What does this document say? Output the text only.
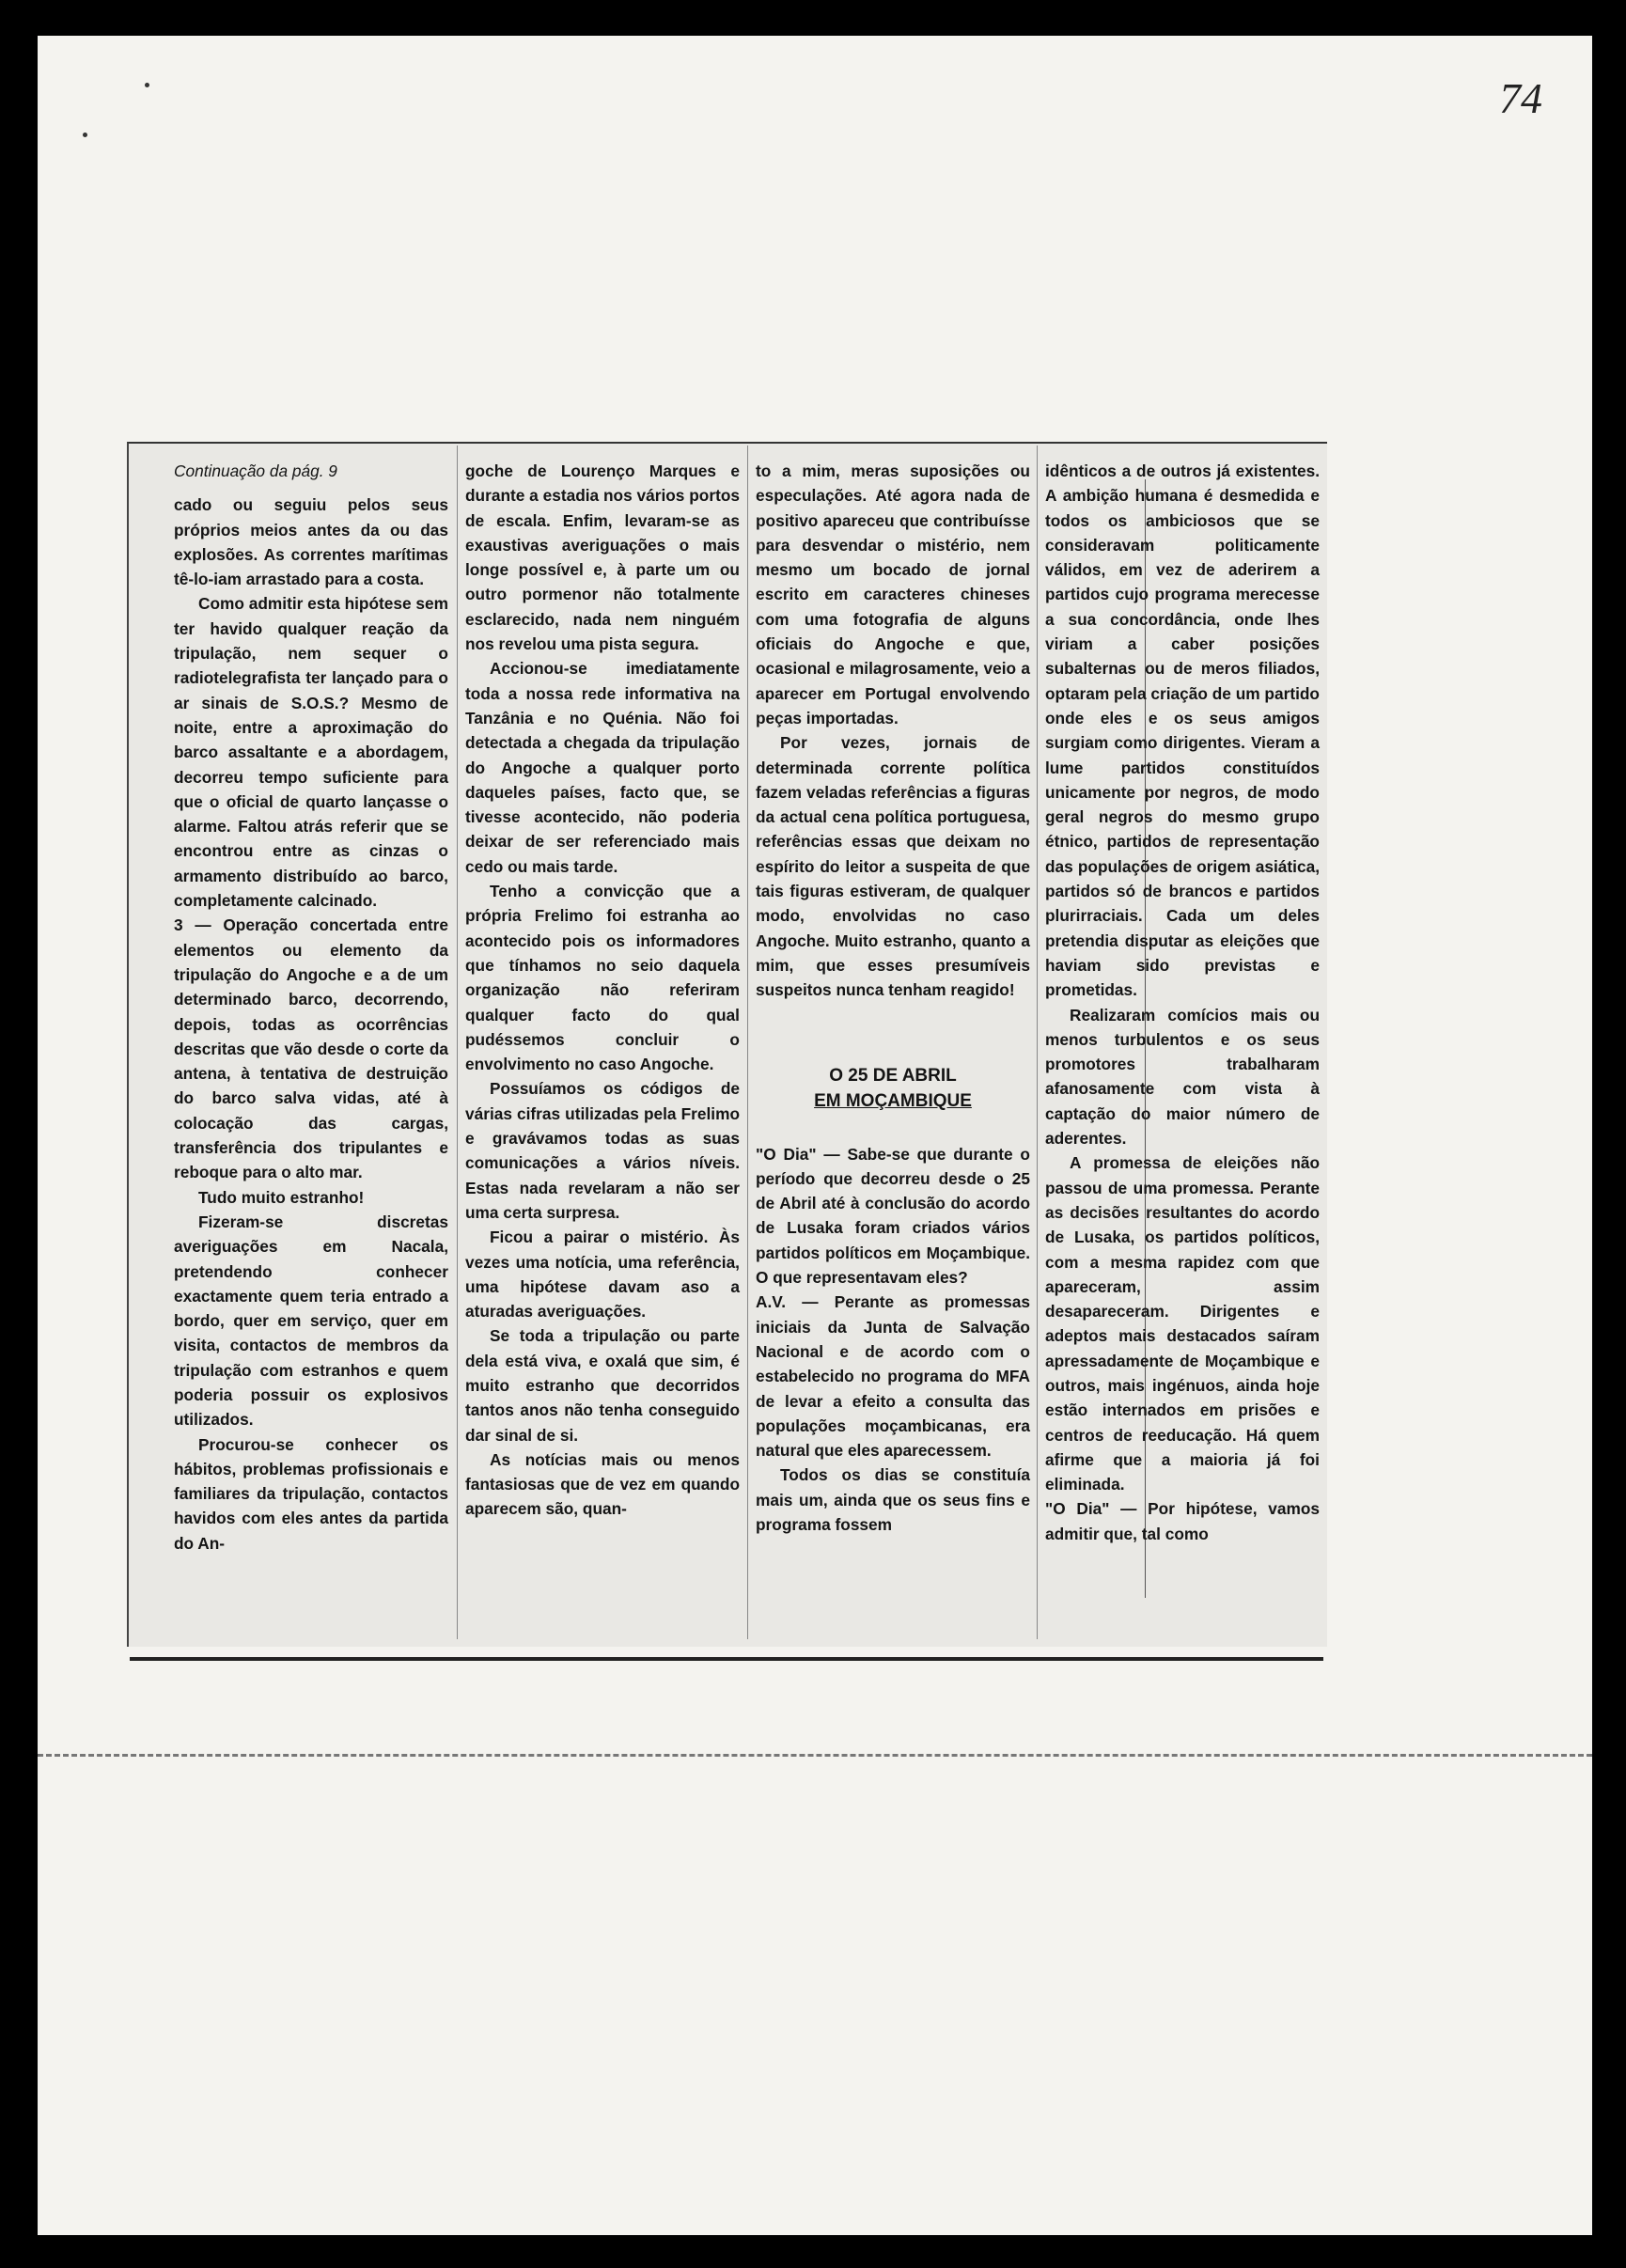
74

Continuação da pág. 9

cado ou seguiu pelos seus próprios meios antes da ou das explosões. As correntes marítimas tê-lo-iam arrastado para a costa.

Como admitir esta hipótese sem ter havido qualquer reação da tripulação, nem sequer o radiotelegrafista ter lançado para o ar sinais de S.O.S.? Mesmo de noite, entre a aproximação do barco assaltante e a abordagem, decorreu tempo suficiente para que o oficial de quarto lançasse o alarme. Faltou atrás referir que se encontrou entre as cinzas o armamento distribuído ao barco, completamente calcinado.

3 — Operação concertada entre elementos ou elemento da tripulação do Angoche e a de um determinado barco, decorrendo, depois, todas as ocorrências descritas que vão desde o corte da antena, à tentativa de destruição do barco salva vidas, até à colocação das cargas, transferência dos tripulantes e reboque para o alto mar.

Tudo muito estranho!

Fizeram-se discretas averiguações em Nacala, pretendendo conhecer exactamente quem teria entrado a bordo, quer em serviço, quer em visita, contactos de membros da tripulação com estranhos e quem poderia possuir os explosivos utilizados.

Procurou-se conhecer os hábitos, problemas profissionais e familiares da tripulação, contactos havidos com eles antes da partida do An-

goche de Lourenço Marques e durante a estadia nos vários portos de escala. Enfim, levaram-se as exaustivas averiguações o mais longe possível e, à parte um ou outro pormenor não totalmente esclarecido, nada nem ninguém nos revelou uma pista segura.

Accionou-se imediatamente toda a nossa rede informativa na Tanzânia e no Quénia. Não foi detectada a chegada da tripulação do Angoche a qualquer porto daqueles países, facto que, se tivesse acontecido, não poderia deixar de ser referenciado mais cedo ou mais tarde.

Tenho a convicção que a própria Frelimo foi estranha ao acontecido pois os informadores que tínhamos no seio daquela organização não referiram qualquer facto do qual pudéssemos concluir o envolvimento no caso Angoche.

Possuíamos os códigos de várias cifras utilizadas pela Frelimo e gravávamos todas as suas comunicações a vários níveis. Estas nada revelaram a não ser uma certa surpresa.

Ficou a pairar o mistério. Às vezes uma notícia, uma referência, uma hipótese davam aso a aturadas averiguações.

Se toda a tripulação ou parte dela está viva, e oxalá que sim, é muito estranho que decorridos tantos anos não tenha conseguido dar sinal de si.

As notícias mais ou menos fantasiosas que de vez em quando aparecem são, quan-

to a mim, meras suposições ou especulações. Até agora nada de positivo apareceu que contribuísse para desvendar o mistério, nem mesmo um bocado de jornal escrito em caracteres chineses com uma fotografia de alguns oficiais do Angoche e que, ocasional e milagrosamente, veio a aparecer em Portugal envolvendo peças importadas.

Por vezes, jornais de determinada corrente política fazem veladas referências a figuras da actual cena política portuguesa, referências essas que deixam no espírito do leitor a suspeita de que tais figuras estiveram, de qualquer modo, envolvidas no caso Angoche. Muito estranho, quanto a mim, que esses presumíveis suspeitos nunca tenham reagido!

O 25 DE ABRIL
EM MOÇAMBIQUE

"O Dia" — Sabe-se que durante o período que decorreu desde o 25 de Abril até à conclusão do acordo de Lusaka foram criados vários partidos políticos em Moçambique. O que representavam eles?

A.V. — Perante as promessas iniciais da Junta de Salvação Nacional e de acordo com o estabelecido no programa do MFA de levar a efeito a consulta das populações moçambicanas, era natural que eles aparecessem.

Todos os dias se constituía mais um, ainda que os seus fins e programa fossem

idênticos a de outros já existentes. A ambição humana é desmedida e todos os ambiciosos que se consideravam politicamente válidos, em vez de aderirem a partidos cujo programa merecesse a sua concordância, onde lhes viriam a caber posições subalternas ou de meros filiados, optaram pela criação de um partido onde eles e os seus amigos surgiam como dirigentes. Vieram a lume partidos constituídos unicamente por negros, de modo geral negros do mesmo grupo étnico, partidos de representação das populações de origem asiática, partidos só de brancos e partidos plurirraciais. Cada um deles pretendia disputar as eleições que haviam sido previstas e prometidas.

Realizaram comícios mais ou menos turbulentos e os seus promotores trabalharam afanosamente com vista à captação do maior número de aderentes.

A promessa de eleições não passou de uma promessa. Perante as decisões resultantes do acordo de Lusaka, os partidos políticos, com a mesma rapidez com que apareceram, assim desapareceram. Dirigentes e adeptos mais destacados saíram apressadamente de Moçambique e outros, mais ingénuos, ainda hoje estão internados em prisões e centros de reeducação. Há quem afirme que a maioria já foi eliminada.

"O Dia" — Por hipótese, vamos admitir que, tal como
